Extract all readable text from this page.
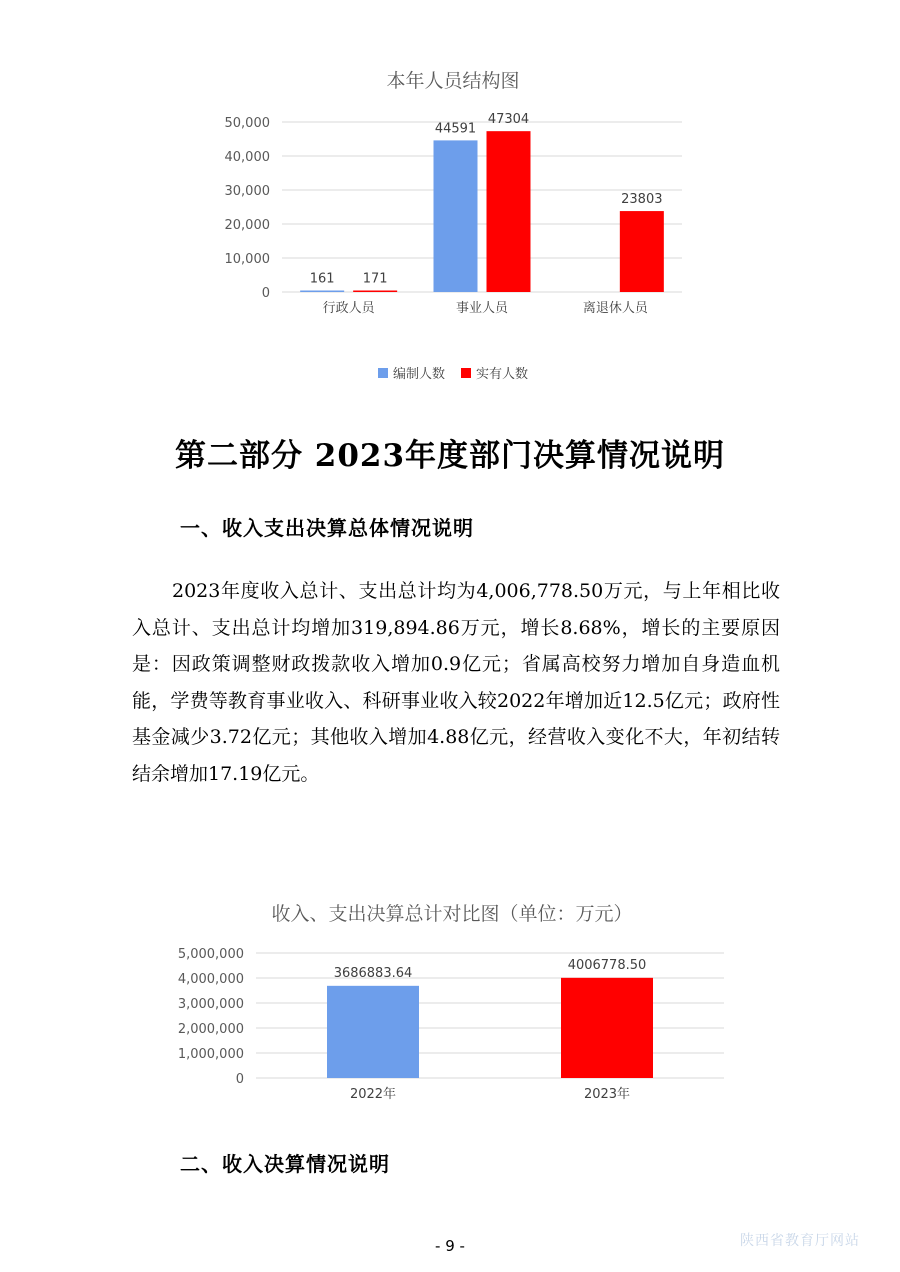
本年人员结构图
50,000
40,000
30,000
20,000
10,000
0
161 171
44591
47304
23803
行政人员	事业人员	离退休人员
编制人数 实有人数
第二部分 2023年度部门决算情况说明
一、收入支出决算总体情况说明
2023年度收入总计、支出总计均为4,006,778.50万元，与上年相比收入总计、支出总计均增加319,894.86万元，增长8.68%，增长的主要原因是：因政策调整财政拨款收入增加0.9亿元；省属高校努力增加自身造血机能，学费等教育事业收入、科研事业收入较2022年增加近12.5亿元；政府性基金减少3.72亿元；其他收入增加4.88亿元，经营收入变化不大，年初结转结余增加17.19亿元。
收入、支出决算总计对比图（单位：万元）
5,000,000
4,000,000
3,000,000
2,000,000
1,000,000
0
3686883.64
4006778.50
2022年	2023年
二、收入决算情况说明
- 9 -	陕西省教育厅网站
